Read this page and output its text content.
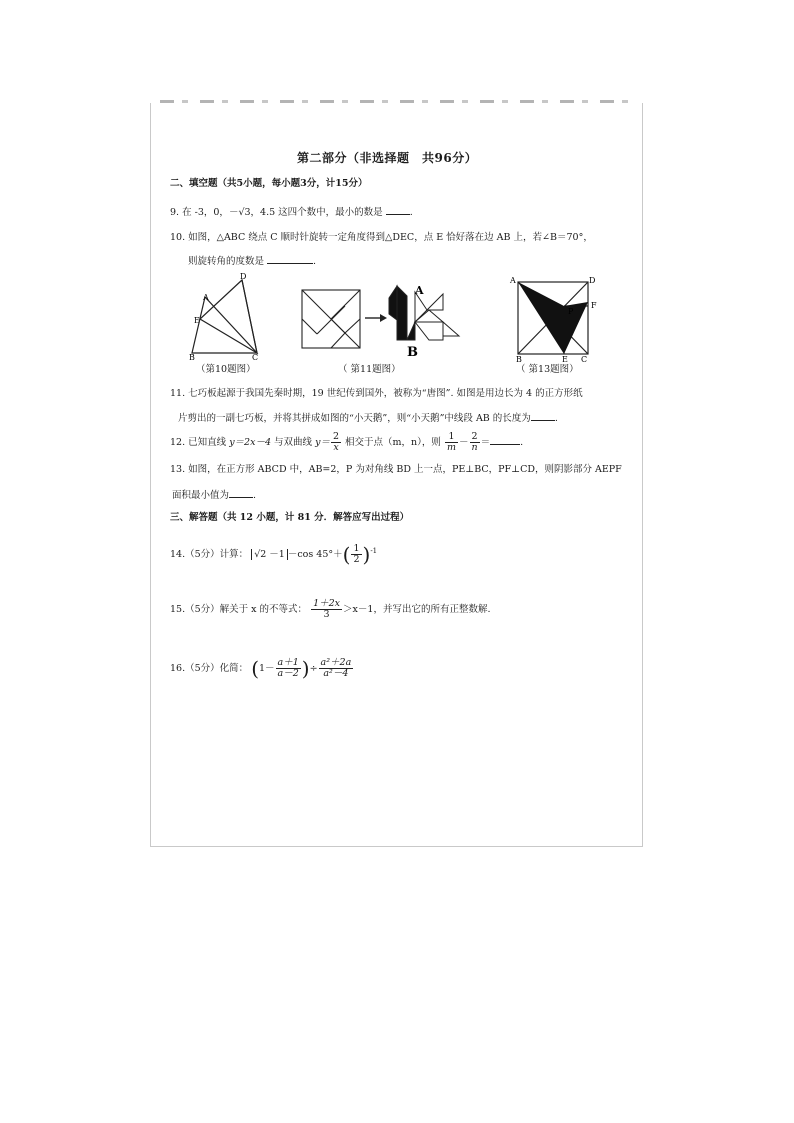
第二部分（非选择题　共96分）
二、填空题（共5小题，每小题3分，计15分）
9. 在 -3，0，－√3，4.5 这四个数中，最小的数是	.
10. 如图，△ABC 绕点 C 顺时针旋转一定角度得到△DEC，点 E 恰好落在边 AB 上，若∠B＝70°，
则旋转角的度数是	.
A
B	C
D
E
（第10题图）
A
B
（ 第11题图）
A
B	C
D
E
F
P
（ 第13题图）
11. 七巧板起源于我国先秦时期，19 世纪传到国外，被称为“唐图”. 如图是用边长为 4 的正方形纸
片剪出的一副七巧板，并将其拼成如图的“小天鹅”，则“小天鹅”中线段 AB 的长度为	.
12. 已知直线 y＝2x－4 与双曲线 $y= \frac{2}{x}$ 相交于点（m，n），则 $\frac{1}{m} - \frac{2}{n}$ ＝	.
13. 如图，在正方形 ABCD 中，AB=2，P 为对角线 BD 上一点，PE⊥BC，PF⊥CD，则阴影部分 AEPF
面积最小值为	.
三、解答题（共 12 小题，计 81 分．解答应写出过程）
14.（5分）计算： √2 －1 －cos $45^\circ+( \frac{1}{2} )^{-1}$
15.（5分）解关于 x 的不等式： $\frac{1+2x}{3} >x-1$，并写出它的所有正整数解.
16.（5分）化简： ($1- \frac{a+1}{a-2}$ )÷ $\frac{\text{a²＋2a}}{\text{a²－4}}$
